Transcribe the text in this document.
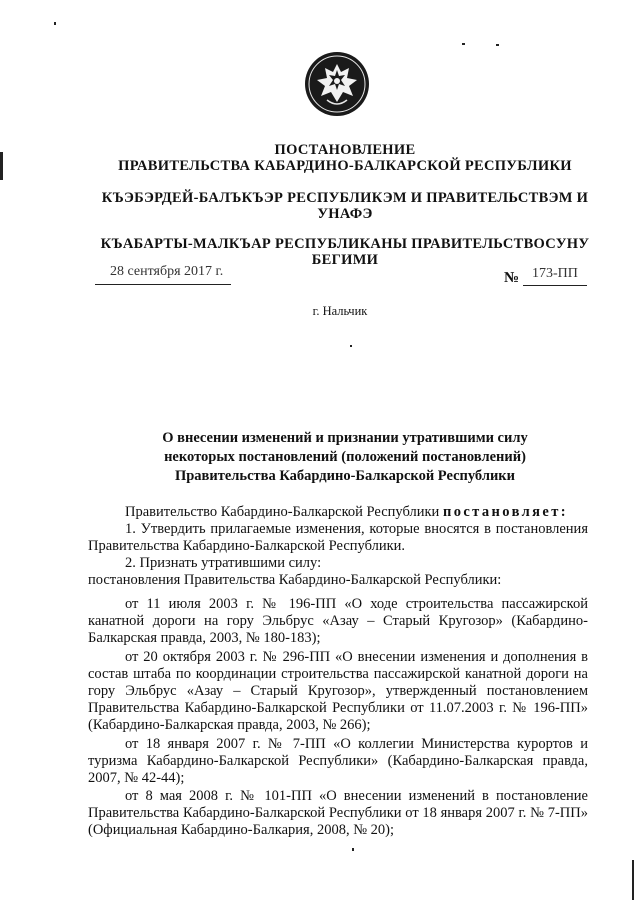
ПОСТАНОВЛЕНИЕ
ПРАВИТЕЛЬСТВА КАБАРДИНО-БАЛКАРСКОЙ РЕСПУБЛИКИ
КЪЭБЭРДЕЙ-БАЛЪКЪЭР РЕСПУБЛИКЭМ И ПРАВИТЕЛЬСТВЭМ И
УНАФЭ
КЪАБАРТЫ-МАЛКЪАР РЕСПУБЛИКАНЫ ПРАВИТЕЛЬСТВОСУНУ
БЕГИМИ
28 сентября 2017 г.	№ 173-ПП
г. Нальчик
О внесении изменений и признании утратившими силу
некоторых постановлений (положений постановлений)
Правительства Кабардино-Балкарской Республики

Правительство Кабардино-Балкарской Республики постановляет:

1. Утвердить прилагаемые изменения, которые вносятся в постановления Правительства Кабардино-Балкарской Республики.

2. Признать утратившими силу:

постановления Правительства Кабардино-Балкарской Республики:

от 11 июля 2003 г. № 196-ПП «О ходе строительства пассажирской канатной дороги на гору Эльбрус «Азау – Старый Кругозор» (Кабардино-Балкарская правда, 2003, № 180-183);

от 20 октября 2003 г. № 296-ПП «О внесении изменения и дополнения в состав штаба по координации строительства пассажирской канатной дороги на гору Эльбрус «Азау – Старый Кругозор», утвержденный постановлением Правительства Кабардино-Балкарской Республики от 11.07.2003 г. № 196-ПП» (Кабардино-Балкарская правда, 2003, № 266);

от 18 января 2007 г. № 7-ПП «О коллегии Министерства курортов и туризма Кабардино-Балкарской Республики» (Кабардино-Балкарская правда, 2007, № 42-44);

от 8 мая 2008 г. № 101-ПП «О внесении изменений в постановление Правительства Кабардино-Балкарской Республики от 18 января 2007 г. № 7-ПП» (Официальная Кабардино-Балкария, 2008, № 20);
